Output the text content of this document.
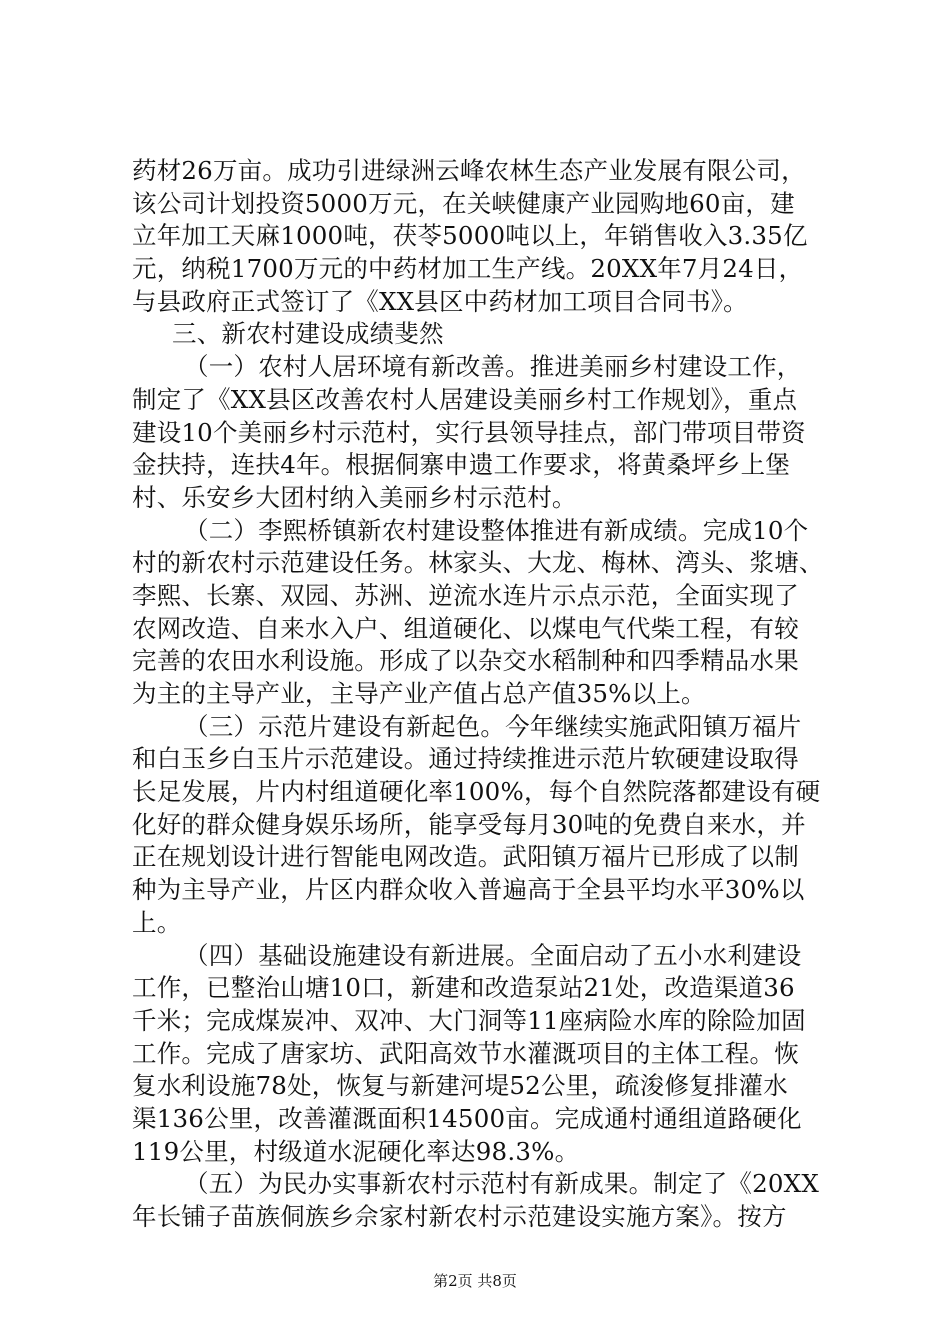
药材26万亩。成功引进绿洲云峰农林生态产业发展有限公司，
该公司计划投资5000万元，在关峡健康产业园购地60亩，建
立年加工天麻1000吨，茯苓5000吨以上，年销售收入3.35亿
元，纳税1700万元的中药材加工生产线。20XX年7月24日，
与县政府正式签订了《XX县区中药材加工项目合同书》。
三、新农村建设成绩斐然
（一）农村人居环境有新改善。推进美丽乡村建设工作，
制定了《XX县区改善农村人居建设美丽乡村工作规划》，重点
建设10个美丽乡村示范村，实行县领导挂点，部门带项目带资
金扶持，连扶4年。根据侗寨申遗工作要求，将黄桑坪乡上堡
村、乐安乡大团村纳入美丽乡村示范村。
（二）李熙桥镇新农村建设整体推进有新成绩。完成10个
村的新农村示范建设任务。林家头、大龙、梅林、湾头、浆塘、
李熙、长寨、双园、苏洲、逆流水连片示点示范，全面实现了
农网改造、自来水入户、组道硬化、以煤电气代柴工程，有较
完善的农田水利设施。形成了以杂交水稻制种和四季精品水果
为主的主导产业，主导产业产值占总产值35%以上。
（三）示范片建设有新起色。今年继续实施武阳镇万福片
和白玉乡白玉片示范建设。通过持续推进示范片软硬建设取得
长足发展，片内村组道硬化率100%，每个自然院落都建设有硬
化好的群众健身娱乐场所，能享受每月30吨的免费自来水，并
正在规划设计进行智能电网改造。武阳镇万福片已形成了以制
种为主导产业，片区内群众收入普遍高于全县平均水平30%以
上。
（四）基础设施建设有新进展。全面启动了五小水利建设
工作，已整治山塘10口，新建和改造泵站21处，改造渠道36
千米；完成煤炭冲、双冲、大门洞等11座病险水库的除险加固
工作。完成了唐家坊、武阳高效节水灌溉项目的主体工程。恢
复水利设施78处，恢复与新建河堤52公里，疏浚修复排灌水
渠136公里，改善灌溉面积14500亩。完成通村通组道路硬化
119公里，村级道水泥硬化率达98.3%。
（五）为民办实事新农村示范村有新成果。制定了《20XX
年长铺子苗族侗族乡佘家村新农村示范建设实施方案》。按方
第2页 共8页
